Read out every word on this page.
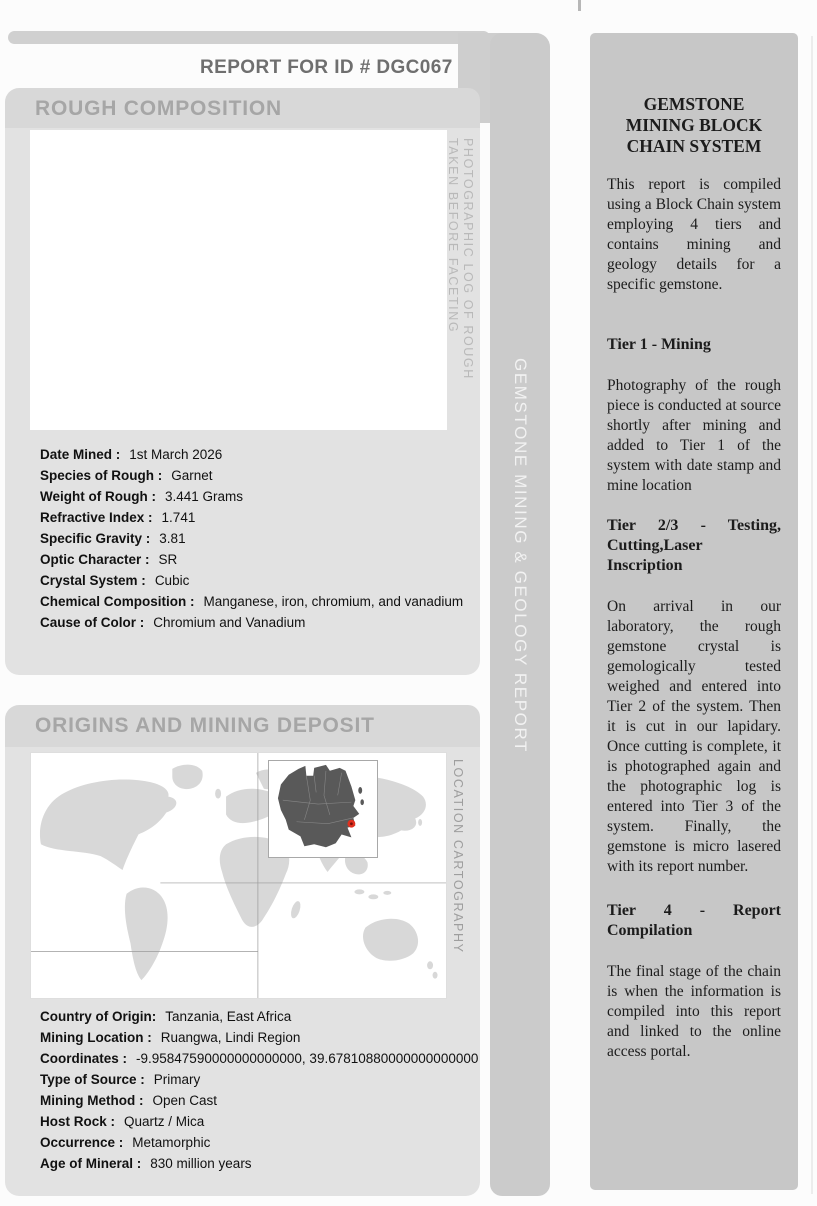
REPORT FOR ID # DGC067
ROUGH COMPOSITION
PHOTOGRAPHIC LOG OF ROUGH
TAKEN BEFORE FACETING
Date Mined : 1st March 2026
Species of Rough : Garnet
Weight of Rough : 3.441 Grams
Refractive Index : 1.741
Specific Gravity : 3.81
Optic Character : SR
Crystal System : Cubic
Chemical Composition : Manganese, iron, chromium, and vanadium
Cause of Color : Chromium and Vanadium
ORIGINS AND MINING DEPOSIT
LOCATION CARTOGRAPHY
Country of Origin: Tanzania, East Africa
Mining Location : Ruangwa, Lindi Region
Coordinates : -9.95847590000000000000, 39.67810880000000000000
Type of Source : Primary
Mining Method : Open Cast
Host Rock : Quartz / Mica
Occurrence : Metamorphic
Age of Mineral : 830 million years
GEMSTONE MINING & GEOLOGY REPORT
GEMSTONE MINING BLOCK CHAIN SYSTEM

This report is compiled using a Block Chain system employing 4 tiers and contains mining and geology details for a specific gemstone.

Tier 1 - Mining

Photography of the rough piece is conducted at source shortly after mining and added to Tier 1 of the system with date stamp and mine location

Tier 2/3 - Testing, Cutting,Laser Inscription

On arrival in our laboratory, the rough gemstone crystal is gemologically tested weighed and entered into Tier 2 of the system. Then it is cut in our lapidary. Once cutting is complete, it is photographed again and the photographic log is entered into Tier 3 of the system. Finally, the gemstone is micro lasered with its report number.

Tier 4 - Report Compilation

The final stage of the chain is when the information is compiled into this report and linked to the online access portal.
